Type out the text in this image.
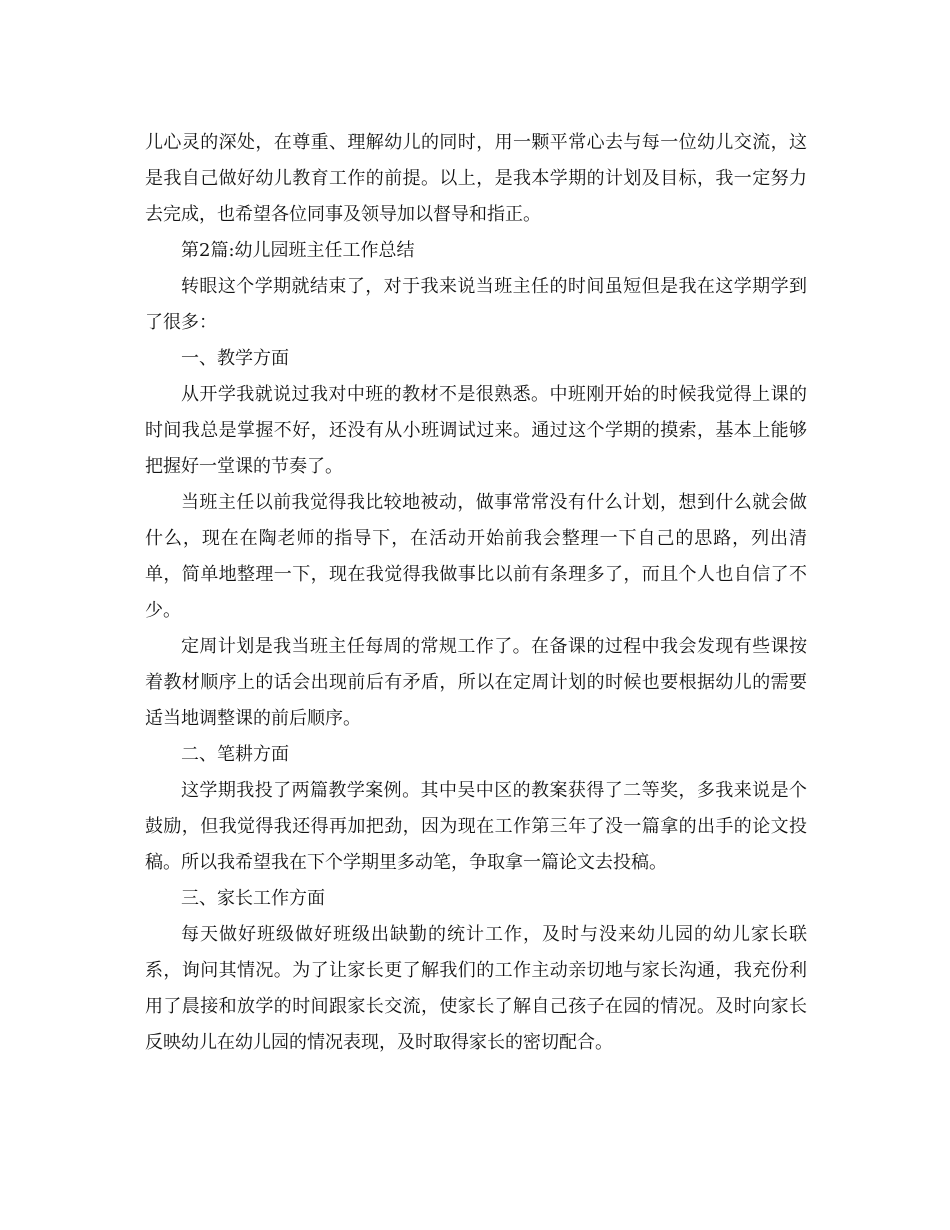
儿心灵的深处，在尊重、理解幼儿的同时，用一颗平常心去与每一位幼儿交流，这是我自己做好幼儿教育工作的前提。以上，是我本学期的计划及目标，我一定努力去完成，也希望各位同事及领导加以督导和指正。

第2篇:幼儿园班主任工作总结

转眼这个学期就结束了，对于我来说当班主任的时间虽短但是我在这学期学到了很多：

一、教学方面

从开学我就说过我对中班的教材不是很熟悉。中班刚开始的时候我觉得上课的时间我总是掌握不好，还没有从小班调试过来。通过这个学期的摸索，基本上能够把握好一堂课的节奏了。

当班主任以前我觉得我比较地被动，做事常常没有什么计划，想到什么就会做什么，现在在陶老师的指导下，在活动开始前我会整理一下自己的思路，列出清单，简单地整理一下，现在我觉得我做事比以前有条理多了，而且个人也自信了不少。

定周计划是我当班主任每周的常规工作了。在备课的过程中我会发现有些课按着教材顺序上的话会出现前后有矛盾，所以在定周计划的时候也要根据幼儿的需要适当地调整课的前后顺序。

二、笔耕方面

这学期我投了两篇教学案例。其中吴中区的教案获得了二等奖，多我来说是个鼓励，但我觉得我还得再加把劲，因为现在工作第三年了没一篇拿的出手的论文投稿。所以我希望我在下个学期里多动笔，争取拿一篇论文去投稿。

三、家长工作方面

每天做好班级做好班级出缺勤的统计工作，及时与没来幼儿园的幼儿家长联系，询问其情况。为了让家长更了解我们的工作主动亲切地与家长沟通，我充份利用了晨接和放学的时间跟家长交流，使家长了解自己孩子在园的情况。及时向家长反映幼儿在幼儿园的情况表现，及时取得家长的密切配合。
